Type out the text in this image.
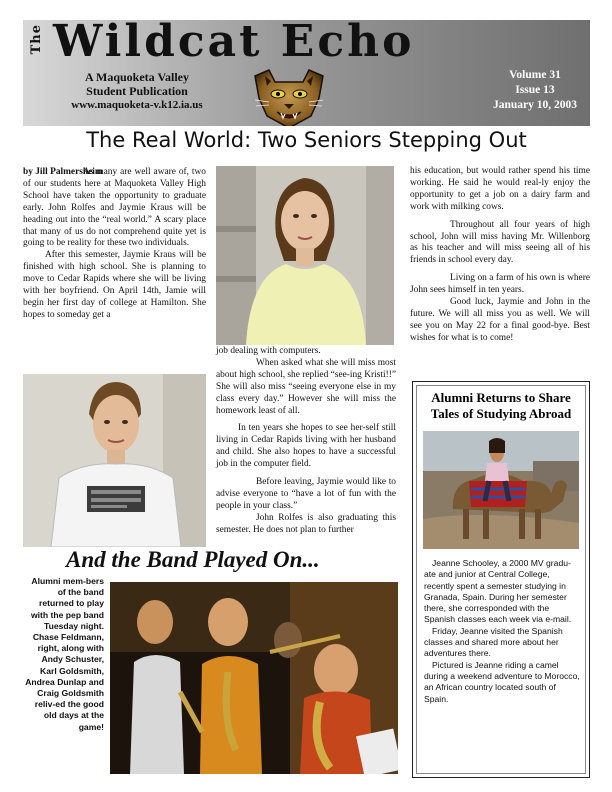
The Wildcat Echo
A Maquoketa Valley
Student Publication
www.maquoketa-v.k12.ia.us
Volume 31
Issue 13
January 10, 2003
The Real World: Two Seniors Stepping Out

by Jill Palmersheim

As many are well aware of, two of our students here at Maquoketa Valley High School have taken the opportunity to graduate early. John Rolfes and Jaymie Kraus will be heading out into the “real world.” A scary place that many of us do not comprehend quite yet is going to be reality for these two individuals.

After this semester, Jaymie Kraus will be finished with high school. She is planning to move to Cedar Rapids where she will be living with her boyfriend. On April 14th, Jamie will begin her first day of college at Hamilton. She hopes to someday get a

job dealing with computers.

When asked what she will miss most about high school, she replied “see-ing Kristi!!” She will also miss “seeing everyone else in my class every day.” However she will miss the homework least of all.

In ten years she hopes to see her-self still living in Cedar Rapids living with her husband and child. She also hopes to have a successful job in the computer field.

Before leaving, Jaymie would like to advise everyone to “have a lot of fun with the people in your class.”

John Rolfes is also graduating this semester. He does not plan to further

his education, but would rather spend his time working. He said he would real-ly enjoy the opportunity to get a job on a dairy farm and work with milking cows.

Throughout all four years of high school, John will miss having Mr. Willenborg as his teacher and will miss seeing all of his friends in school every day.

Living on a farm of his own is where John sees himself in ten years.

Good luck, Jaymie and John in the future. We will all miss you as well. We will see you on May 22 for a final good-bye. Best wishes for what is to come!

And the Band Played On...
Alumni mem-bers of the band returned to play with the pep band Tuesday night. Chase Feldmann, right, along with Andy Schuster, Karl Goldsmith, Andrea Dunlap and Craig Goldsmith reliv-ed the good old days at the game!
Alumni Returns to Share Tales of Studying Abroad

Jeanne Schooley, a 2000 MV gradu-ate and junior at Central College, recently spent a semester studying in Granada, Spain. During her semester there, she corresponded with the Spanish classes each week via e-mail.

Friday, Jeanne visited the Spanish classes and shared more about her adventures there.

Pictured is Jeanne riding a camel during a weekend adventure to Morocco, an African country located south of Spain.
